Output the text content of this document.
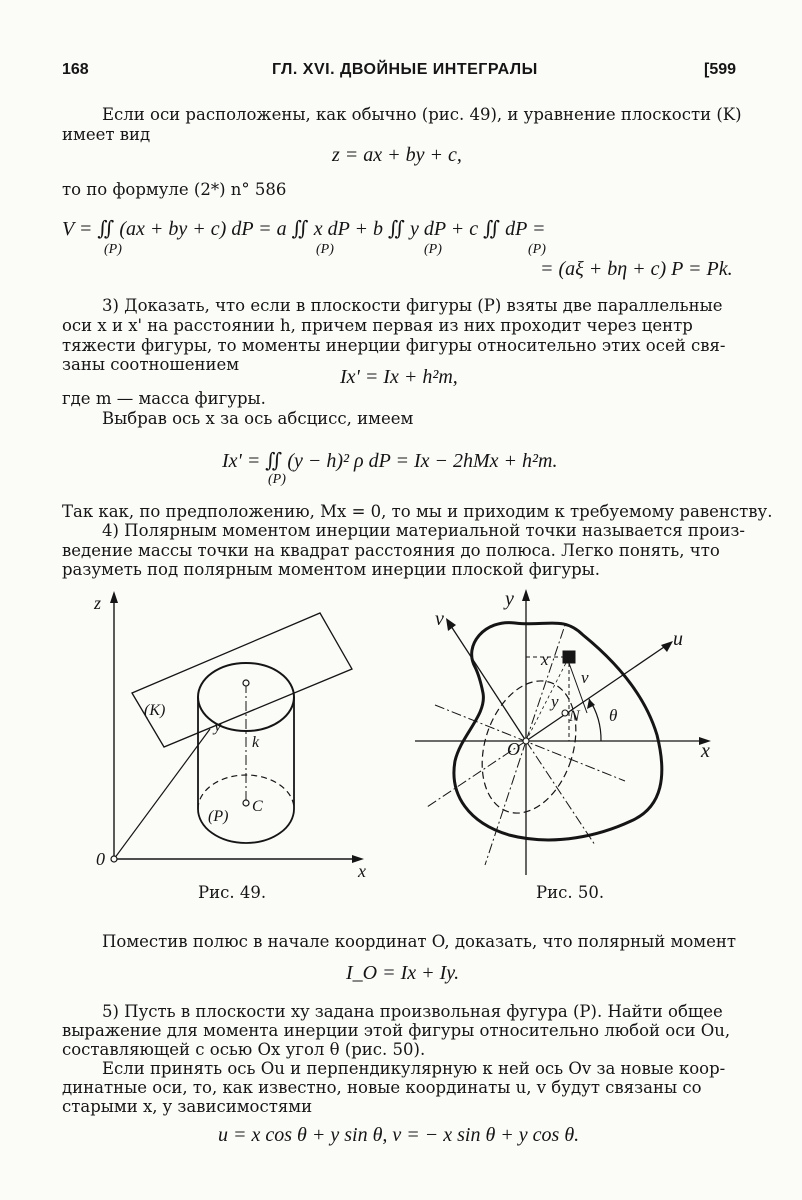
168	ГЛ. XVI. ДВОЙНЫЕ ИНТЕГРАЛЫ	[599
Если оси расположены, как обычно (рис. 49), и уравнение плоскости (K)
имеет вид
z = ax + by + c,
то по формуле (2*) n° 586
V = ∬ (ax + by + c) dP = a ∬ x dP + b ∬ y dP + c ∬ dP =
(P)	(P)	(P)	(P)
= (aξ + bη + c) P = Pk.
3) Доказать, что если в плоскости фигуры (P) взяты две параллельные
оси x и x' на расстоянии h, причем первая из них проходит через центр
тяжести фигуры, то моменты инерции фигуры относительно этих осей свя-
заны соотношением
Ix' = Ix + h²m,
где m — масса фигуры.
Выбрав ось x за ось абсцисс, имеем
Ix' = ∬ (y − h)² ρ dP = Ix − 2hMx + h²m.
(P)
Так как, по предположению, Mx = 0, то мы и приходим к требуемому равенству.
4) Полярным моментом инерции материальной точки называется произ-
ведение массы точки на квадрат расстояния до полюса. Легко понять, что
разуметь под полярным моментом инерции плоской фигуры.
z
x
0
(K)
y
k
C
(P)
Рис. 49.
y
x
v
u
O
x
v
y
N θ
Рис. 50.
Поместив полюс в начале координат O, доказать, что полярный момент
I_O = Ix + Iy.
5) Пусть в плоскости xy задана произвольная фугура (P). Найти общее
выражение для момента инерции этой фигуры относительно любой оси Ou,
составляющей с осью Ox угол θ (рис. 50).
Если принять ось Ou и перпендикулярную к ней ось Ov за новые коор-
динатные оси, то, как известно, новые координаты u, v будут связаны со
старыми x, y зависимостями
u = x cos θ + y sin θ, v = − x sin θ + y cos θ.
